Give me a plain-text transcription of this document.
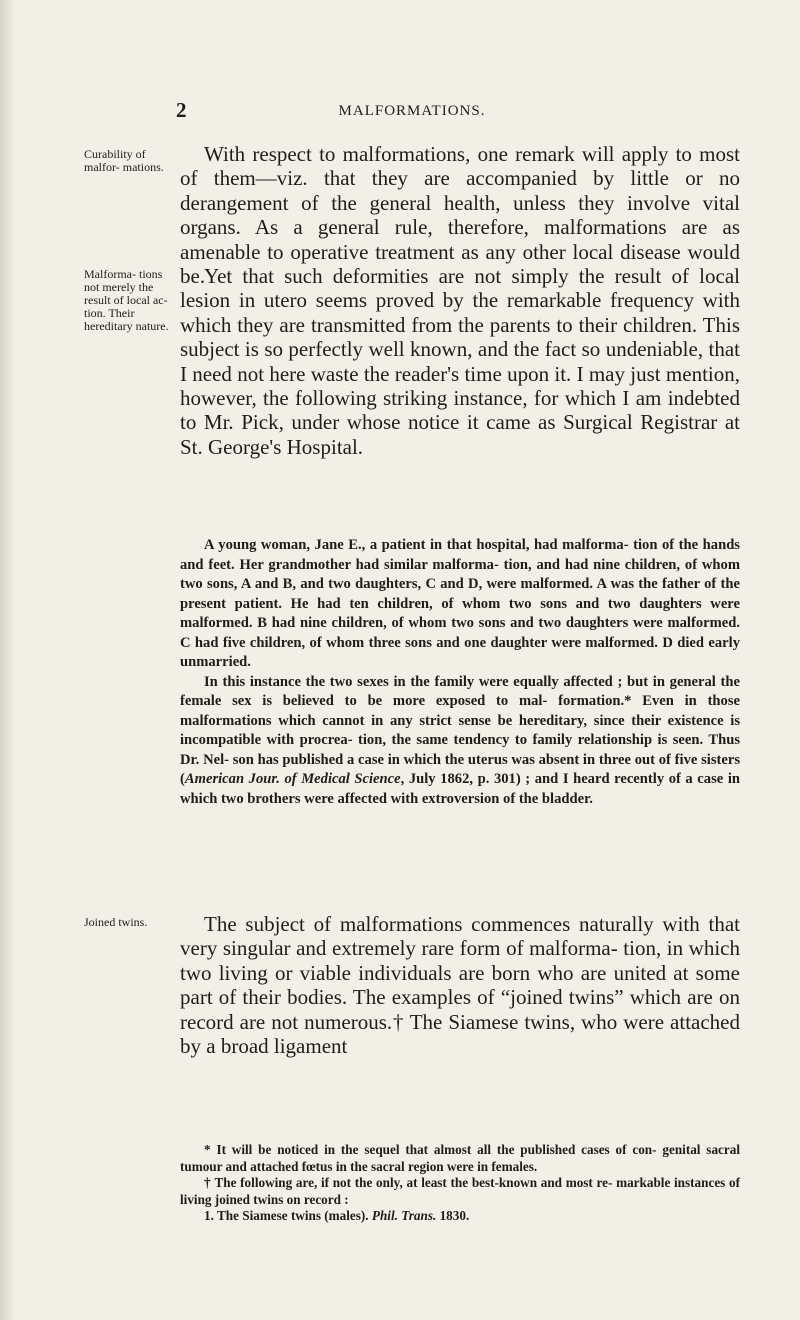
2	MALFORMATIONS.
Curability of malfor- mations.
Malforma- tions not merely the result of local ac- tion. Their hereditary nature.
Joined twins.

With respect to malformations, one remark will apply to most of them—viz. that they are accompanied by little or no derangement of the general health, unless they involve vital organs. As a general rule, therefore, malformations are as amenable to operative treatment as any other local disease would be.

Yet that such deformities are not simply the result of local lesion in utero seems proved by the remarkable frequency with which they are transmitted from the parents to their children. This subject is so perfectly well known, and the fact so undeniable, that I need not here waste the reader's time upon it. I may just mention, however, the following striking instance, for which I am indebted to Mr. Pick, under whose notice it came as Surgical Registrar at St. George's Hospital.

A young woman, Jane E., a patient in that hospital, had malforma- tion of the hands and feet. Her grandmother had similar malforma- tion, and had nine children, of whom two sons, A and B, and two daughters, C and D, were malformed. A was the father of the present patient. He had ten children, of whom two sons and two daughters were malformed. B had nine children, of whom two sons and two daughters were malformed. C had five children, of whom three sons and one daughter were malformed. D died early unmarried.

In this instance the two sexes in the family were equally affected ; but in general the female sex is believed to be more exposed to mal- formation.* Even in those malformations which cannot in any strict sense be hereditary, since their existence is incompatible with procrea- tion, the same tendency to family relationship is seen. Thus Dr. Nel- son has published a case in which the uterus was absent in three out of five sisters (American Jour. of Medical Science, July 1862, p. 301) ; and I heard recently of a case in which two brothers were affected with extroversion of the bladder.

The subject of malformations commences naturally with that very singular and extremely rare form of malforma- tion, in which two living or viable individuals are born who are united at some part of their bodies. The examples of “joined twins” which are on record are not numerous.† The Siamese twins, who were attached by a broad ligament

* It will be noticed in the sequel that almost all the published cases of con- genital sacral tumour and attached fœtus in the sacral region were in females.

† The following are, if not the only, at least the best-known and most re- markable instances of living joined twins on record :

1. The Siamese twins (males). Phil. Trans. 1830.
